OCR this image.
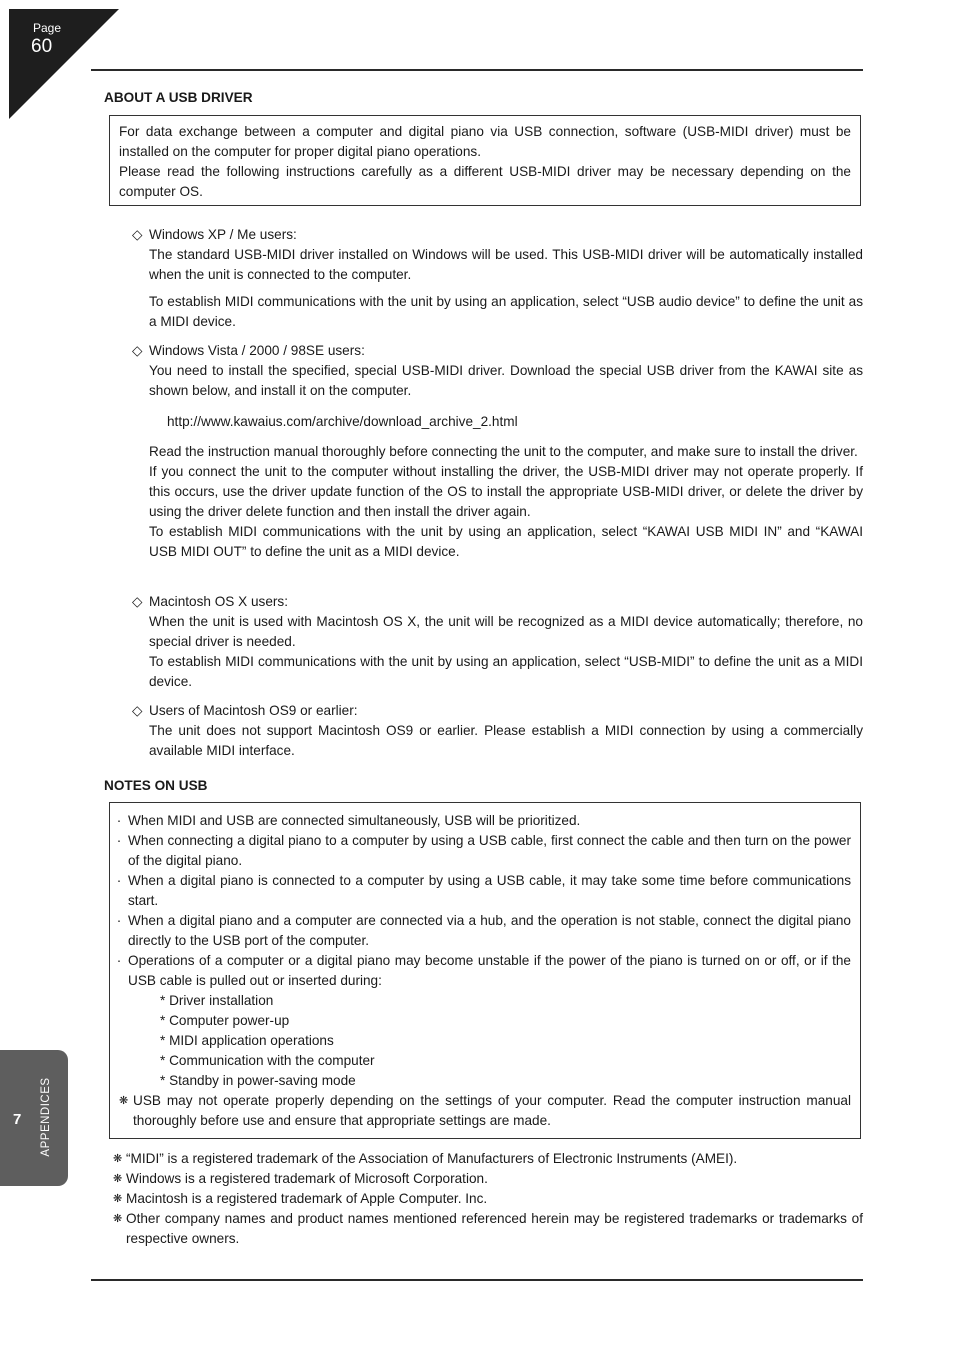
Page
60
ABOUT A USB DRIVER

For data exchange between a computer and digital piano via USB connection, software (USB-MIDI driver) must be installed on the computer for proper digital piano operations.

Please read the following instructions carefully as a different USB-MIDI driver may be necessary depending on the computer OS.

◇ Windows XP / Me users:

The standard USB-MIDI driver installed on Windows will be used. This USB-MIDI driver will be automatically installed when the unit is connected to the computer.

To establish MIDI communications with the unit by using an application, select “USB audio device” to define the unit as a MIDI device.

◇ Windows Vista / 2000 / 98SE users:

You need to install the specified, special USB-MIDI driver. Download the special USB driver from the KAWAI site as shown below, and install it on the computer.

http://www.kawaius.com/archive/download_archive_2.html

Read the instruction manual thoroughly before connecting the unit to the computer, and make sure to install the driver.

If you connect the unit to the computer without installing the driver, the USB-MIDI driver may not operate properly. If this occurs, use the driver update function of the OS to install the appropriate USB-MIDI driver, or delete the driver by using the driver delete function and then install the driver again.

To establish MIDI communications with the unit by using an application, select “KAWAI USB MIDI IN” and “KAWAI USB MIDI OUT” to define the unit as a MIDI device.

◇ Macintosh OS X users:

When the unit is used with Macintosh OS X, the unit will be recognized as a MIDI device automatically; therefore, no special driver is needed.

To establish MIDI communications with the unit by using an application, select “USB-MIDI” to define the unit as a MIDI device.

◇ Users of Macintosh OS9 or earlier:

The unit does not support Macintosh OS9 or earlier. Please establish a MIDI connection by using a commercially available MIDI interface.

NOTES ON USB
· When MIDI and USB are connected simultaneously, USB will be prioritized.
· When connecting a digital piano to a computer by using a USB cable, first connect the cable and then turn on the power of the digital piano.
· When a digital piano is connected to a computer by using a USB cable, it may take some time before communications start.
· When a digital piano and a computer are connected via a hub, and the operation is not stable, connect the digital piano directly to the USB port of the computer.
· Operations of a computer or a digital piano may become unstable if the power of the piano is turned on or off, or if the USB cable is pulled out or inserted during:
* Driver installation
* Computer power-up
* MIDI application operations
* Communication with the computer
* Standby in power-saving mode
❋ USB may not operate properly depending on the settings of your computer. Read the computer instruction manual thoroughly before use and ensure that appropriate settings are made.
❋ “MIDI” is a registered trademark of the Association of Manufacturers of Electronic Instruments (AMEI).
❋ Windows is a registered trademark of Microsoft Corporation.
❋ Macintosh is a registered trademark of Apple Computer. Inc.
❋ Other company names and product names mentioned referenced herein may be registered trademarks or trademarks of respective owners.
7 APPENDICES
